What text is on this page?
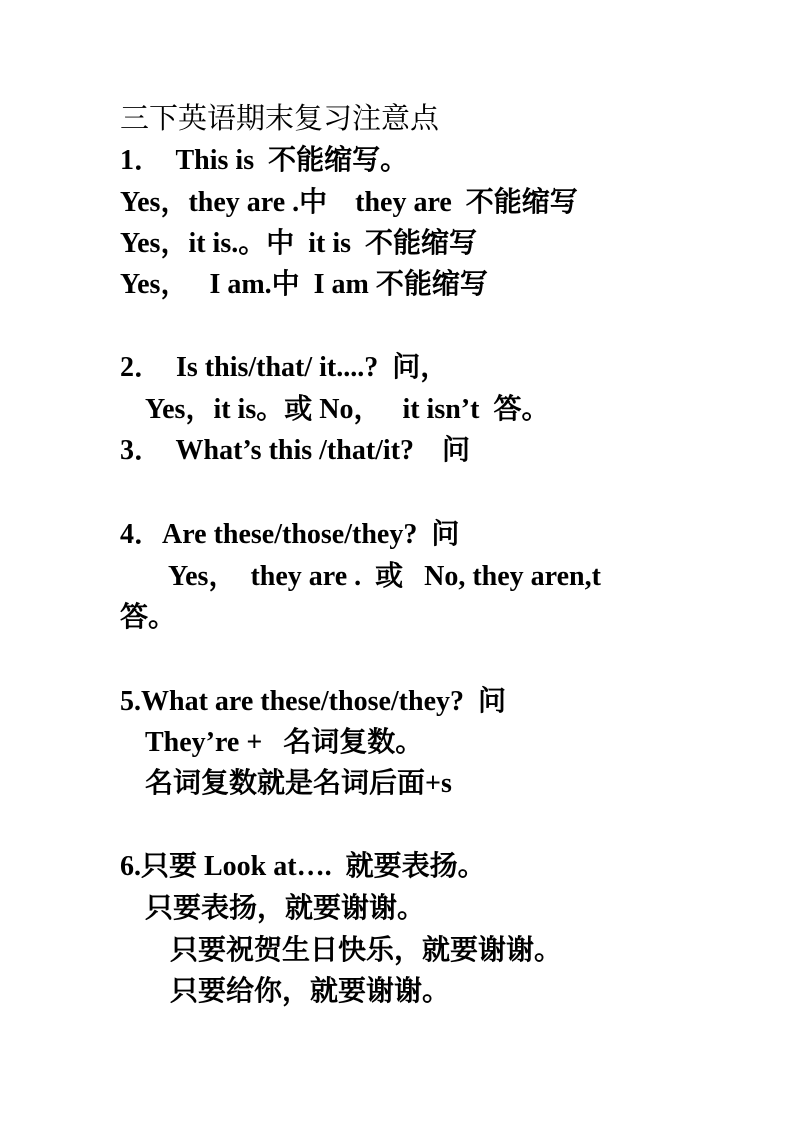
三下英语期末复习注意点
1．  This is  不能缩写。
Yes，they are .中    they are  不能缩写
Yes，it is.。中  it is  不能缩写
Yes，   I am.中  I am 不能缩写
2．  Is this/that/ it....?  问，
Yes，it is。或 No，   it isn’t  答。
3．  What’s this /that/it?    问
4．Are these/those/they?  问
Yes，  they are .  或   No, they aren,t
答。
5.What are these/those/they?  问
They’re +   名词复数。
名词复数就是名词后面+s
6.只要 Look at….  就要表扬。
只要表扬，就要谢谢。
只要祝贺生日快乐，就要谢谢。
只要给你，就要谢谢。
